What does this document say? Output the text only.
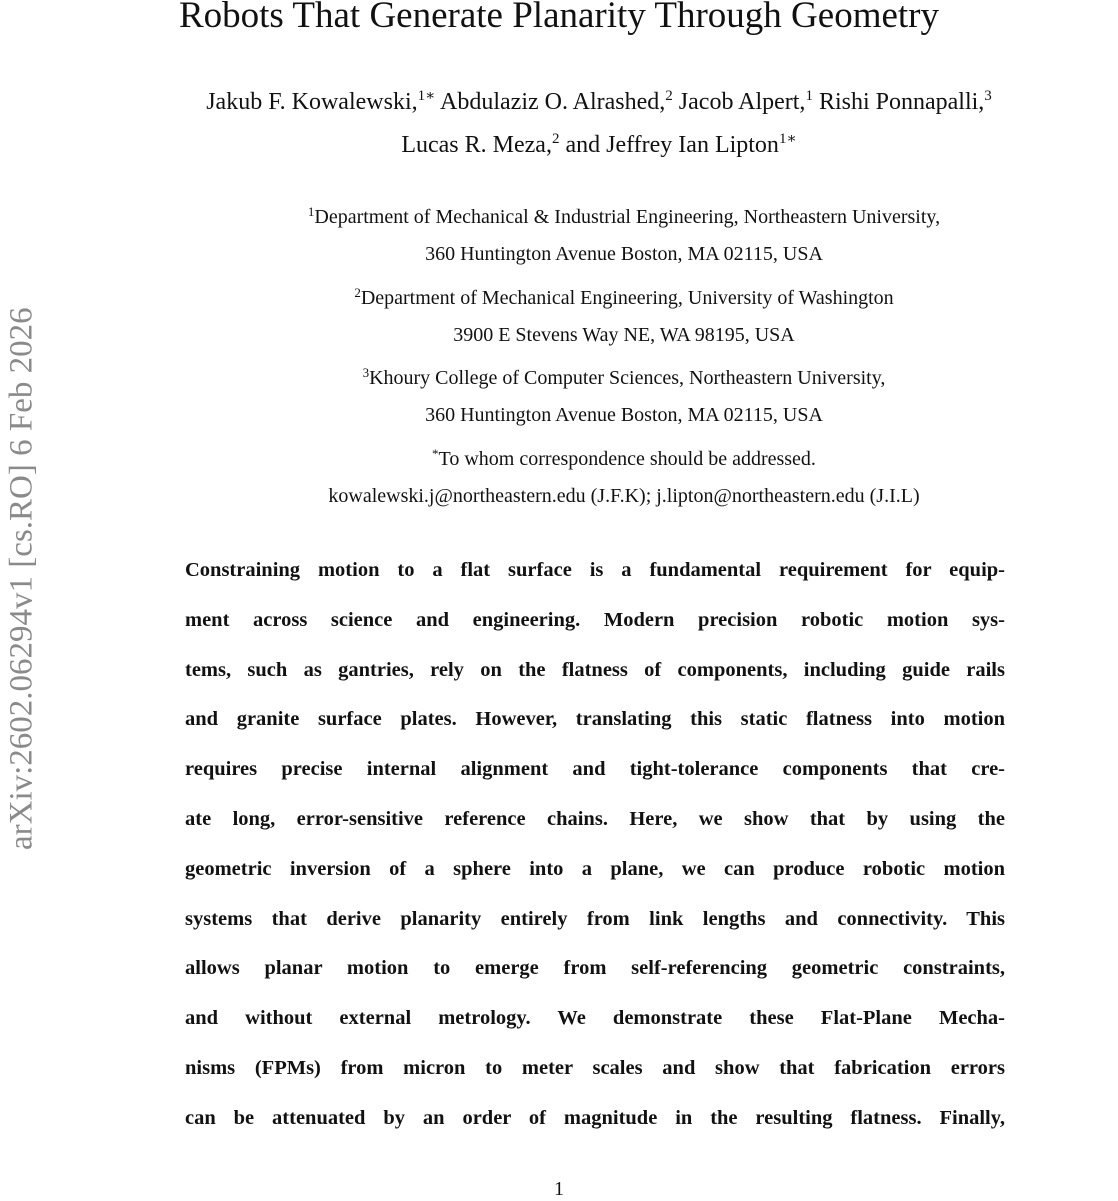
arXiv:2602.06294v1 [cs.RO] 6 Feb 2026
Robots That Generate Planarity Through Geometry
Jakub F. Kowalewski,$^{1∗}$ Abdulaziz O. Alrashed,$^2$ Jacob Alpert,$^1$ Rishi Ponnapalli,$^3$
Lucas R. Meza,$^2$ and Jeffrey Ian Lipton$^{1∗}$
$^1$Department of Mechanical & Industrial Engineering, Northeastern University,
360 Huntington Avenue Boston, MA 02115, USA
$^2$Department of Mechanical Engineering, University of Washington
3900 E Stevens Way NE, WA 98195, USA
$^3$Khoury College of Computer Sciences, Northeastern University,
360 Huntington Avenue Boston, MA 02115, USA
*To whom correspondence should be addressed.
kowalewski.j@northeastern.edu (J.F.K); j.lipton@northeastern.edu (J.I.L)
Constraining motion to a flat surface is a fundamental requirement for equip-
ment across science and engineering. Modern precision robotic motion sys-
tems, such as gantries, rely on the flatness of components, including guide rails
and granite surface plates. However, translating this static flatness into motion
requires precise internal alignment and tight-tolerance components that cre-
ate long, error-sensitive reference chains. Here, we show that by using the
geometric inversion of a sphere into a plane, we can produce robotic motion
systems that derive planarity entirely from link lengths and connectivity. This
allows planar motion to emerge from self-referencing geometric constraints,
and without external metrology. We demonstrate these Flat-Plane Mecha-
nisms (FPMs) from micron to meter scales and show that fabrication errors
can be attenuated by an order of magnitude in the resulting flatness. Finally,
1
